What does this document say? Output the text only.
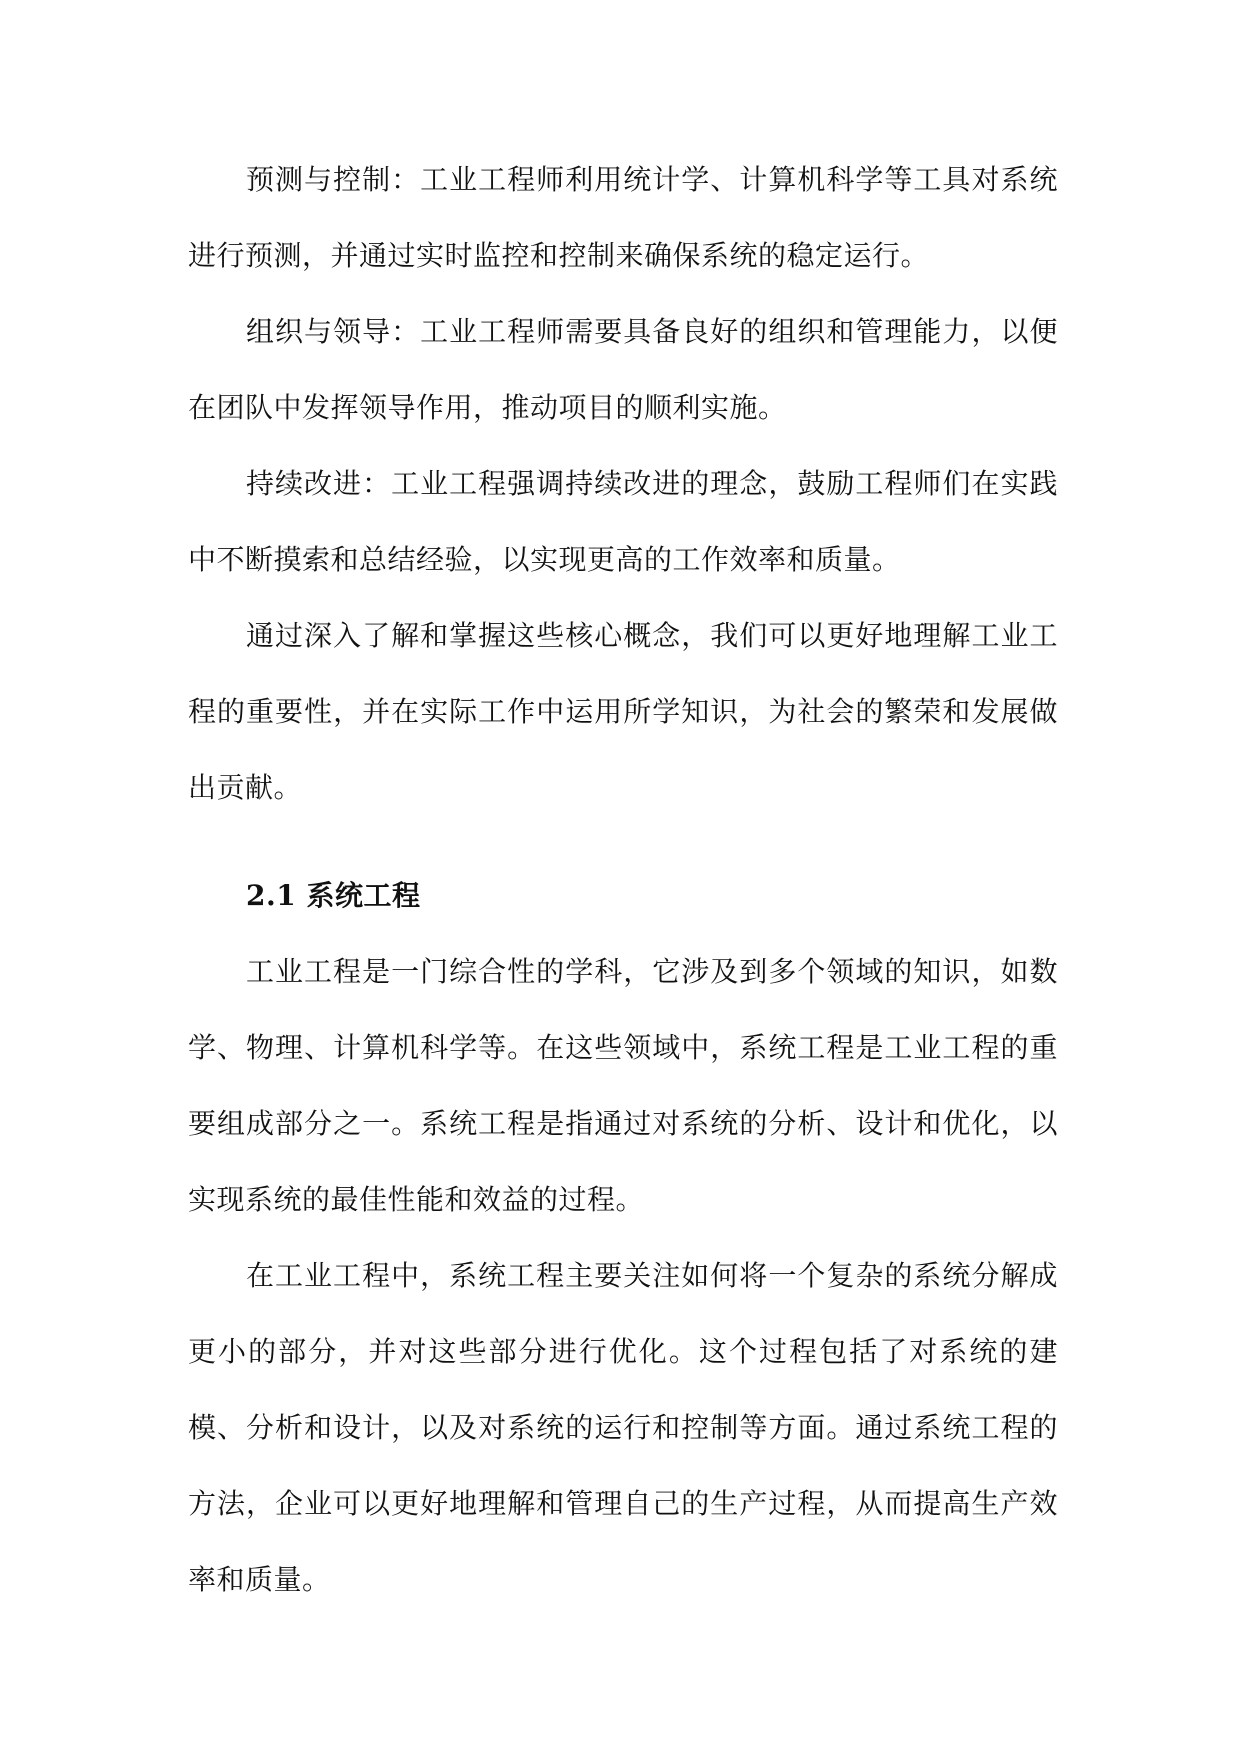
预测与控制：工业工程师利用统计学、计算机科学等工具对系统进行预测，并通过实时监控和控制来确保系统的稳定运行。

组织与领导：工业工程师需要具备良好的组织和管理能力，以便在团队中发挥领导作用，推动项目的顺利实施。

持续改进：工业工程强调持续改进的理念，鼓励工程师们在实践中不断摸索和总结经验，以实现更高的工作效率和质量。

通过深入了解和掌握这些核心概念，我们可以更好地理解工业工程的重要性，并在实际工作中运用所学知识，为社会的繁荣和发展做出贡献。

2.1 系统工程

工业工程是一门综合性的学科，它涉及到多个领域的知识，如数学、物理、计算机科学等。在这些领域中，系统工程是工业工程的重要组成部分之一。系统工程是指通过对系统的分析、设计和优化，以实现系统的最佳性能和效益的过程。

在工业工程中，系统工程主要关注如何将一个复杂的系统分解成更小的部分，并对这些部分进行优化。这个过程包括了对系统的建模、分析和设计，以及对系统的运行和控制等方面。通过系统工程的方法，企业可以更好地理解和管理自己的生产过程，从而提高生产效率和质量。
